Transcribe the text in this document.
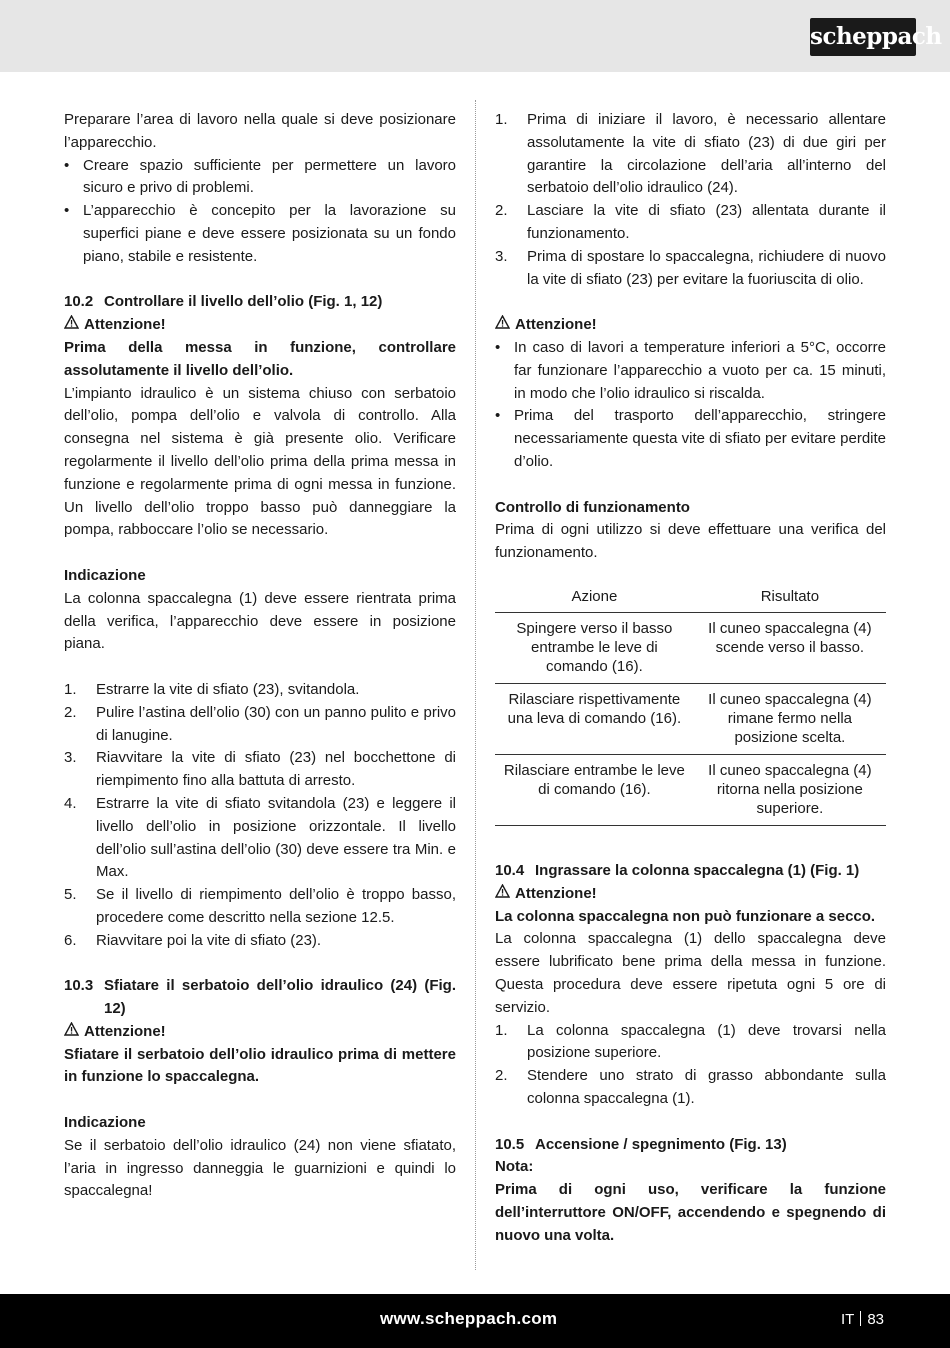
scheppach

Preparare l’area di lavoro nella quale si deve posizionare l’apparecchio.

• Creare spazio sufficiente per permettere un lavoro sicuro e privo di problemi.
• L’apparecchio è concepito per la lavorazione su superfici piane e deve essere posizionata su un fondo piano, stabile e resistente.
10.2 Controllare il livello dell’olio (Fig. 1, 12)

Attenzione!

Prima della messa in funzione, controllare assolutamente il livello dell’olio.

L’impianto idraulico è un sistema chiuso con serbatoio dell’olio, pompa dell’olio e valvola di controllo. Alla consegna nel sistema è già presente olio. Verificare regolarmente il livello dell’olio prima della prima messa in funzione e regolarmente prima di ogni messa in funzione. Un livello dell’olio troppo basso può danneggiare la pompa, rabboccare l’olio se necessario.

Indicazione

La colonna spaccalegna (1) deve essere rientrata prima della verifica, l’apparecchio deve essere in posizione piana.

1.	Estrarre la vite di sfiato (23), svitandola.
2.	Pulire l’astina dell’olio (30) con un panno pulito e privo di lanugine.
3.	Riavvitare la vite di sfiato (23) nel bocchettone di riempimento fino alla battuta di arresto.
4.	Estrarre la vite di sfiato svitandola (23) e leggere il livello dell’olio in posizione orizzontale. Il livello dell’olio sull’astina dell’olio (30) deve essere tra Min. e Max.
5.	Se il livello di riempimento dell’olio è troppo basso, procedere come descritto nella sezione 12.5.
6.	Riavvitare poi la vite di sfiato (23).
10.3 Sfiatare il serbatoio dell’olio idraulico (24) (Fig. 12)

Attenzione!

Sfiatare il serbatoio dell’olio idraulico prima di mettere in funzione lo spaccalegna.

Indicazione

Se il serbatoio dell’olio idraulico (24) non viene sfiatato, l’aria in ingresso danneggia le guarnizioni e quindi lo spaccalegna!

1.	Prima di iniziare il lavoro, è necessario allentare assolutamente la vite di sfiato (23) di due giri per garantire la circolazione dell’aria all’interno del serbatoio dell’olio idraulico (24).
2.	Lasciare la vite di sfiato (23) allentata durante il funzionamento.
3.	Prima di spostare lo spaccalegna, richiudere di nuovo la vite di sfiato (23) per evitare la fuoriuscita di olio.

Attenzione!

• In caso di lavori a temperature inferiori a 5°C, occorre far funzionare l’apparecchio a vuoto per ca. 15 minuti, in modo che l’olio idraulico si riscalda.
• Prima del trasporto dell’apparecchio, stringere necessariamente questa vite di sfiato per evitare perdite d’olio.

Controllo di funzionamento

Prima di ogni utilizzo si deve effettuare una verifica del funzionamento.

Azione	Risultato
Spingere verso il basso entrambe le leve di comando (16).	Il cuneo spaccalegna (4) scende verso il basso.
Rilasciare rispettivamente una leva di comando (16).	Il cuneo spaccalegna (4) rimane fermo nella posizione scelta.
Rilasciare entrambe le leve di comando (16).	Il cuneo spaccalegna (4) ritorna nella posizione superiore.
10.4 Ingrassare la colonna spaccalegna (1) (Fig. 1)

Attenzione!

La colonna spaccalegna non può funzionare a secco.

La colonna spaccalegna (1) dello spaccalegna deve essere lubrificato bene prima della messa in funzione. Questa procedura deve essere ripetuta ogni 5 ore di servizio.

1.	La colonna spaccalegna (1) deve trovarsi nella posizione superiore.
2.	Stendere uno strato di grasso abbondante sulla colonna spaccalegna (1).
10.5 Accensione / spegnimento (Fig. 13)

Nota:

Prima di ogni uso, verificare la funzione dell’interruttore ON/OFF, accendendo e spegnendo di nuovo una volta.

www.scheppach.com	IT 83
